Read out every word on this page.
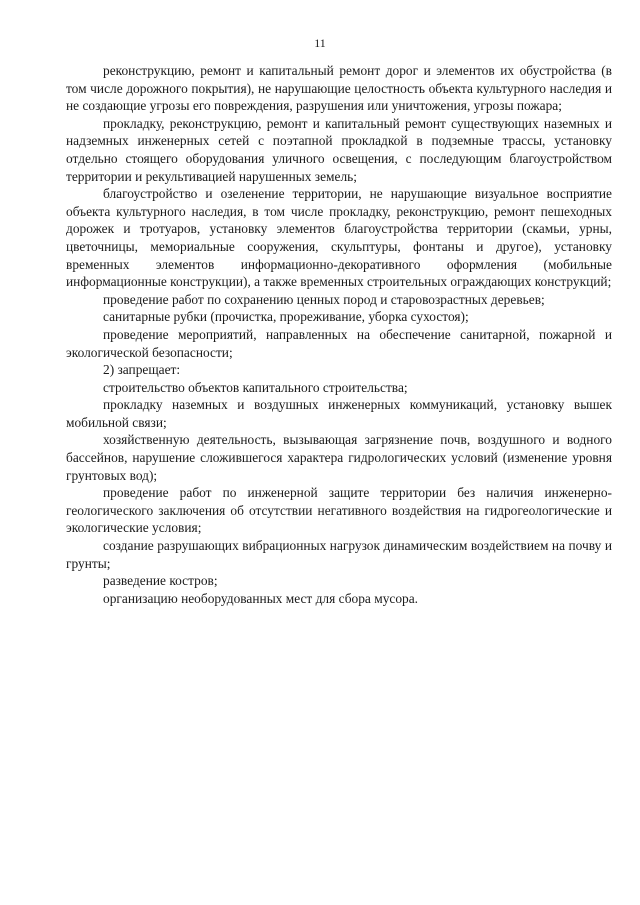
11

реконструкцию, ремонт и капитальный ремонт дорог и элементов их обустройства (в том числе дорожного покрытия), не нарушающие целостность объекта культурного наследия и не создающие угрозы его повреждения, разрушения или уничтожения, угрозы пожара;

прокладку, реконструкцию, ремонт и капитальный ремонт существующих наземных и надземных инженерных сетей с поэтапной прокладкой в подземные трассы, установку отдельно стоящего оборудования уличного освещения, с последующим благоустройством территории и рекультивацией нарушенных земель;

благоустройство и озеленение территории, не нарушающие визуальное восприятие объекта культурного наследия, в том числе прокладку, реконструкцию, ремонт пешеходных дорожек и тротуаров, установку элементов благоустройства территории (скамьи, урны, цветочницы, мемориальные сооружения, скульптуры, фонтаны и другое), установку временных элементов информационно-декоративного оформления (мобильные информационные конструкции), а также временных строительных ограждающих конструкций;

проведение работ по сохранению ценных пород и старовозрастных деревьев;

санитарные рубки (прочистка, прореживание, уборка сухостоя);

проведение мероприятий, направленных на обеспечение санитарной, пожарной и экологической безопасности;

2) запрещает:

строительство объектов капитального строительства;

прокладку наземных и воздушных инженерных коммуникаций, установку вышек мобильной связи;

хозяйственную деятельность, вызывающая загрязнение почв, воздушного и водного бассейнов, нарушение сложившегося характера гидрологических условий (изменение уровня грунтовых вод);

проведение работ по инженерной защите территории без наличия инженерно-геологического заключения об отсутствии негативного воздействия на гидрогеологические и экологические условия;

создание разрушающих вибрационных нагрузок динамическим воздействием на почву и грунты;

разведение костров;

организацию необорудованных мест для сбора мусора.
